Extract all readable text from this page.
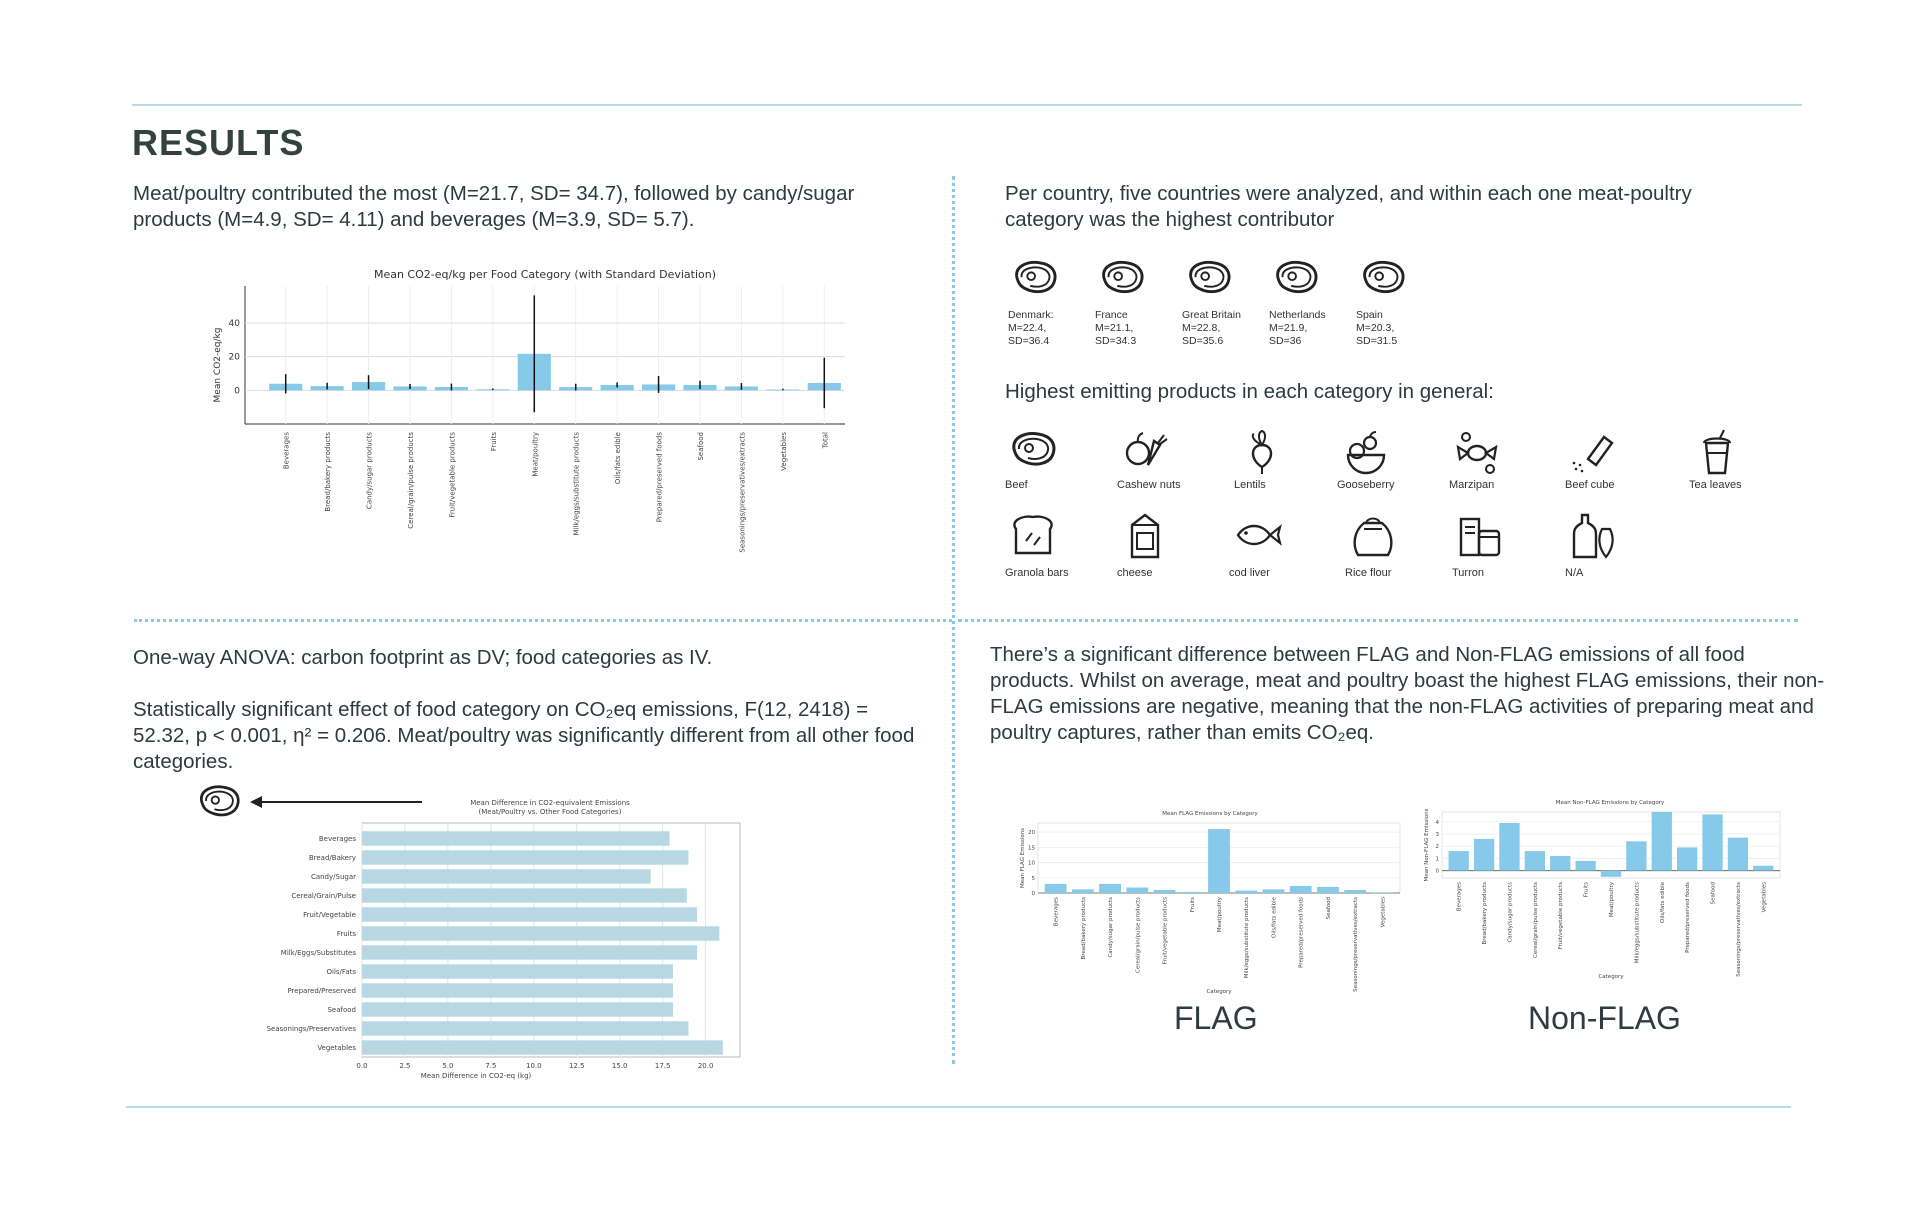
RESULTS
Meat/poultry contributed the most (M=21.7, SD= 34.7), followed by candy/sugar products (M=4.9, SD= 4.11) and beverages (M=3.9, SD= 5.7).
Mean CO2-eq/kg per Food Category (with Standard Deviation)
0
20
40
Mean CO2-eq/kg
Beverages	Bread/bakery products	Candy/sugar products	Cereal/grain/pulse products	Fruit/vegetable products	Fruits	Meat/poultry	Milk/eggs/substitute products	Oils/fats edible	Prepared/preserved foods	Seafood	Seasonings/preservatives/extracts	Vegetables	Total
Per country, five countries were analyzed, and within each one meat-poultry category was the highest contributor
Denmark:
M=22.4,
SD=36.4
France
M=21.1,
SD=34.3
Great Britain
M=22.8,
SD=35.6
Netherlands
M=21.9,
SD=36
Spain
M=20.3,
SD=31.5
Highest emitting products in each category in general:
Beef	Cashew nuts	Lentils	Gooseberry	Marzipan	Beef cube	Tea leaves
Granola bars	cheese	cod liver	Rice flour	Turron	N/A
One-way ANOVA: carbon footprint as DV; food categories as IV.
Statistically significant effect of food category on CO₂eq emissions, F(12, 2418) = 52.32, p < 0.001, η² = 0.206. Meat/poultry was significantly different from all other food categories.
Mean Difference in CO2-equivalent Emissions
(Meat/Poultry vs. Other Food Categories)
0.0	2.5	5.0	7.5	10.0	12.5	15.0	17.5	20.0
Mean Difference in CO2-eq (kg)
Beverages
Bread/Bakery
Candy/Sugar
Cereal/Grain/Pulse
Fruit/Vegetable
Fruits
Milk/Eggs/Substitutes
Oils/Fats
Prepared/Preserved
Seafood
Seasonings/Preservatives
Vegetables
There’s a significant difference between FLAG and Non-FLAG emissions of all food products. Whilst on average, meat and poultry boast the highest FLAG emissions, their non-FLAG emissions are negative, meaning that the non-FLAG activities of preparing meat and poultry captures, rather than emits CO₂eq.
Mean FLAG Emissions by Category
0
5
10
15
20
Mean FLAG Emissions
Beverages	Bread/bakery products	Candy/sugar products	Cereal/grain/pulse products	Fruit/vegetable products	Fruits	Meat/poultry	Milk/eggs/substitute products	Oils/fats edible	Prepared/preserved foods	Seafood	Seasonings/preservatives/extracts	Vegetables
Category
Mean Non-FLAG Emissions by Category
0
1
2
3
4
Mean Non-FLAG Emissions
Beverages	Bread/bakery products	Candy/sugar products	Cereal/grain/pulse products	Fruit/vegetable products	Fruits	Meat/poultry	Milk/eggs/substitute products	Oils/fats edible	Prepared/preserved foods	Seafood	Seasonings/preservatives/extracts	Vegetables
Category
FLAG	Non-FLAG
